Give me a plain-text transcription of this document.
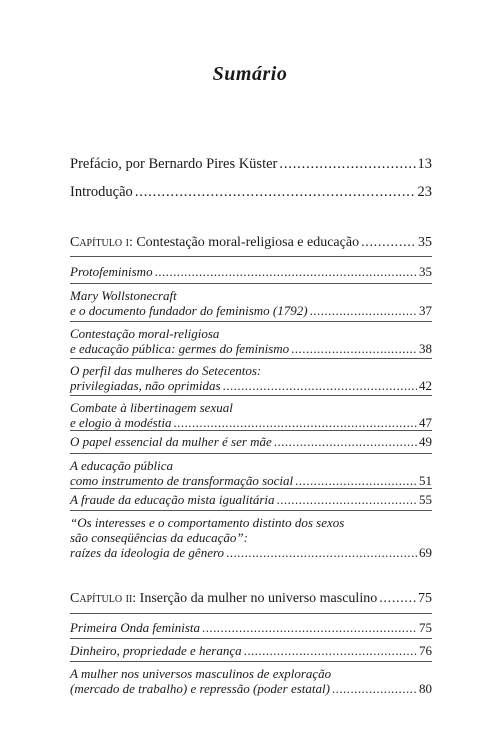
Sumário
Prefácio, por Bernardo Pires Küster . . .	13
Introdução . . .	23
Capítulo i:
Contestação moral-religiosa e educação . . .	35
Protofeminismo . . .	35
Mary Wollstonecraft
e o documento fundador do feminismo (1792) . . .	37
Contestação moral-religiosa
e educação pública: germes do feminismo . . .	38
O perfil das mulheres do Setecentos:
privilegiadas, não oprimidas . . .	42
Combate à libertinagem sexual
e elogio à modéstia . . .	47
O papel essencial da mulher é ser mãe . . .	49
A educação pública
como instrumento de transformação social . . .	51
A fraude da educação mista igualitária . . .	55
“Os interesses e o comportamento distinto dos sexos
são conseqüências da educação”:
raízes da ideologia de gênero . . .	69
Capítulo ii:
Inserção da mulher no universo masculino . . .	75
Primeira Onda feminista . . .	75
Dinheiro, propriedade e herança . . .	76
A mulher nos universos masculinos de exploração
(mercado de trabalho) e repressão (poder estatal) . . .	80
